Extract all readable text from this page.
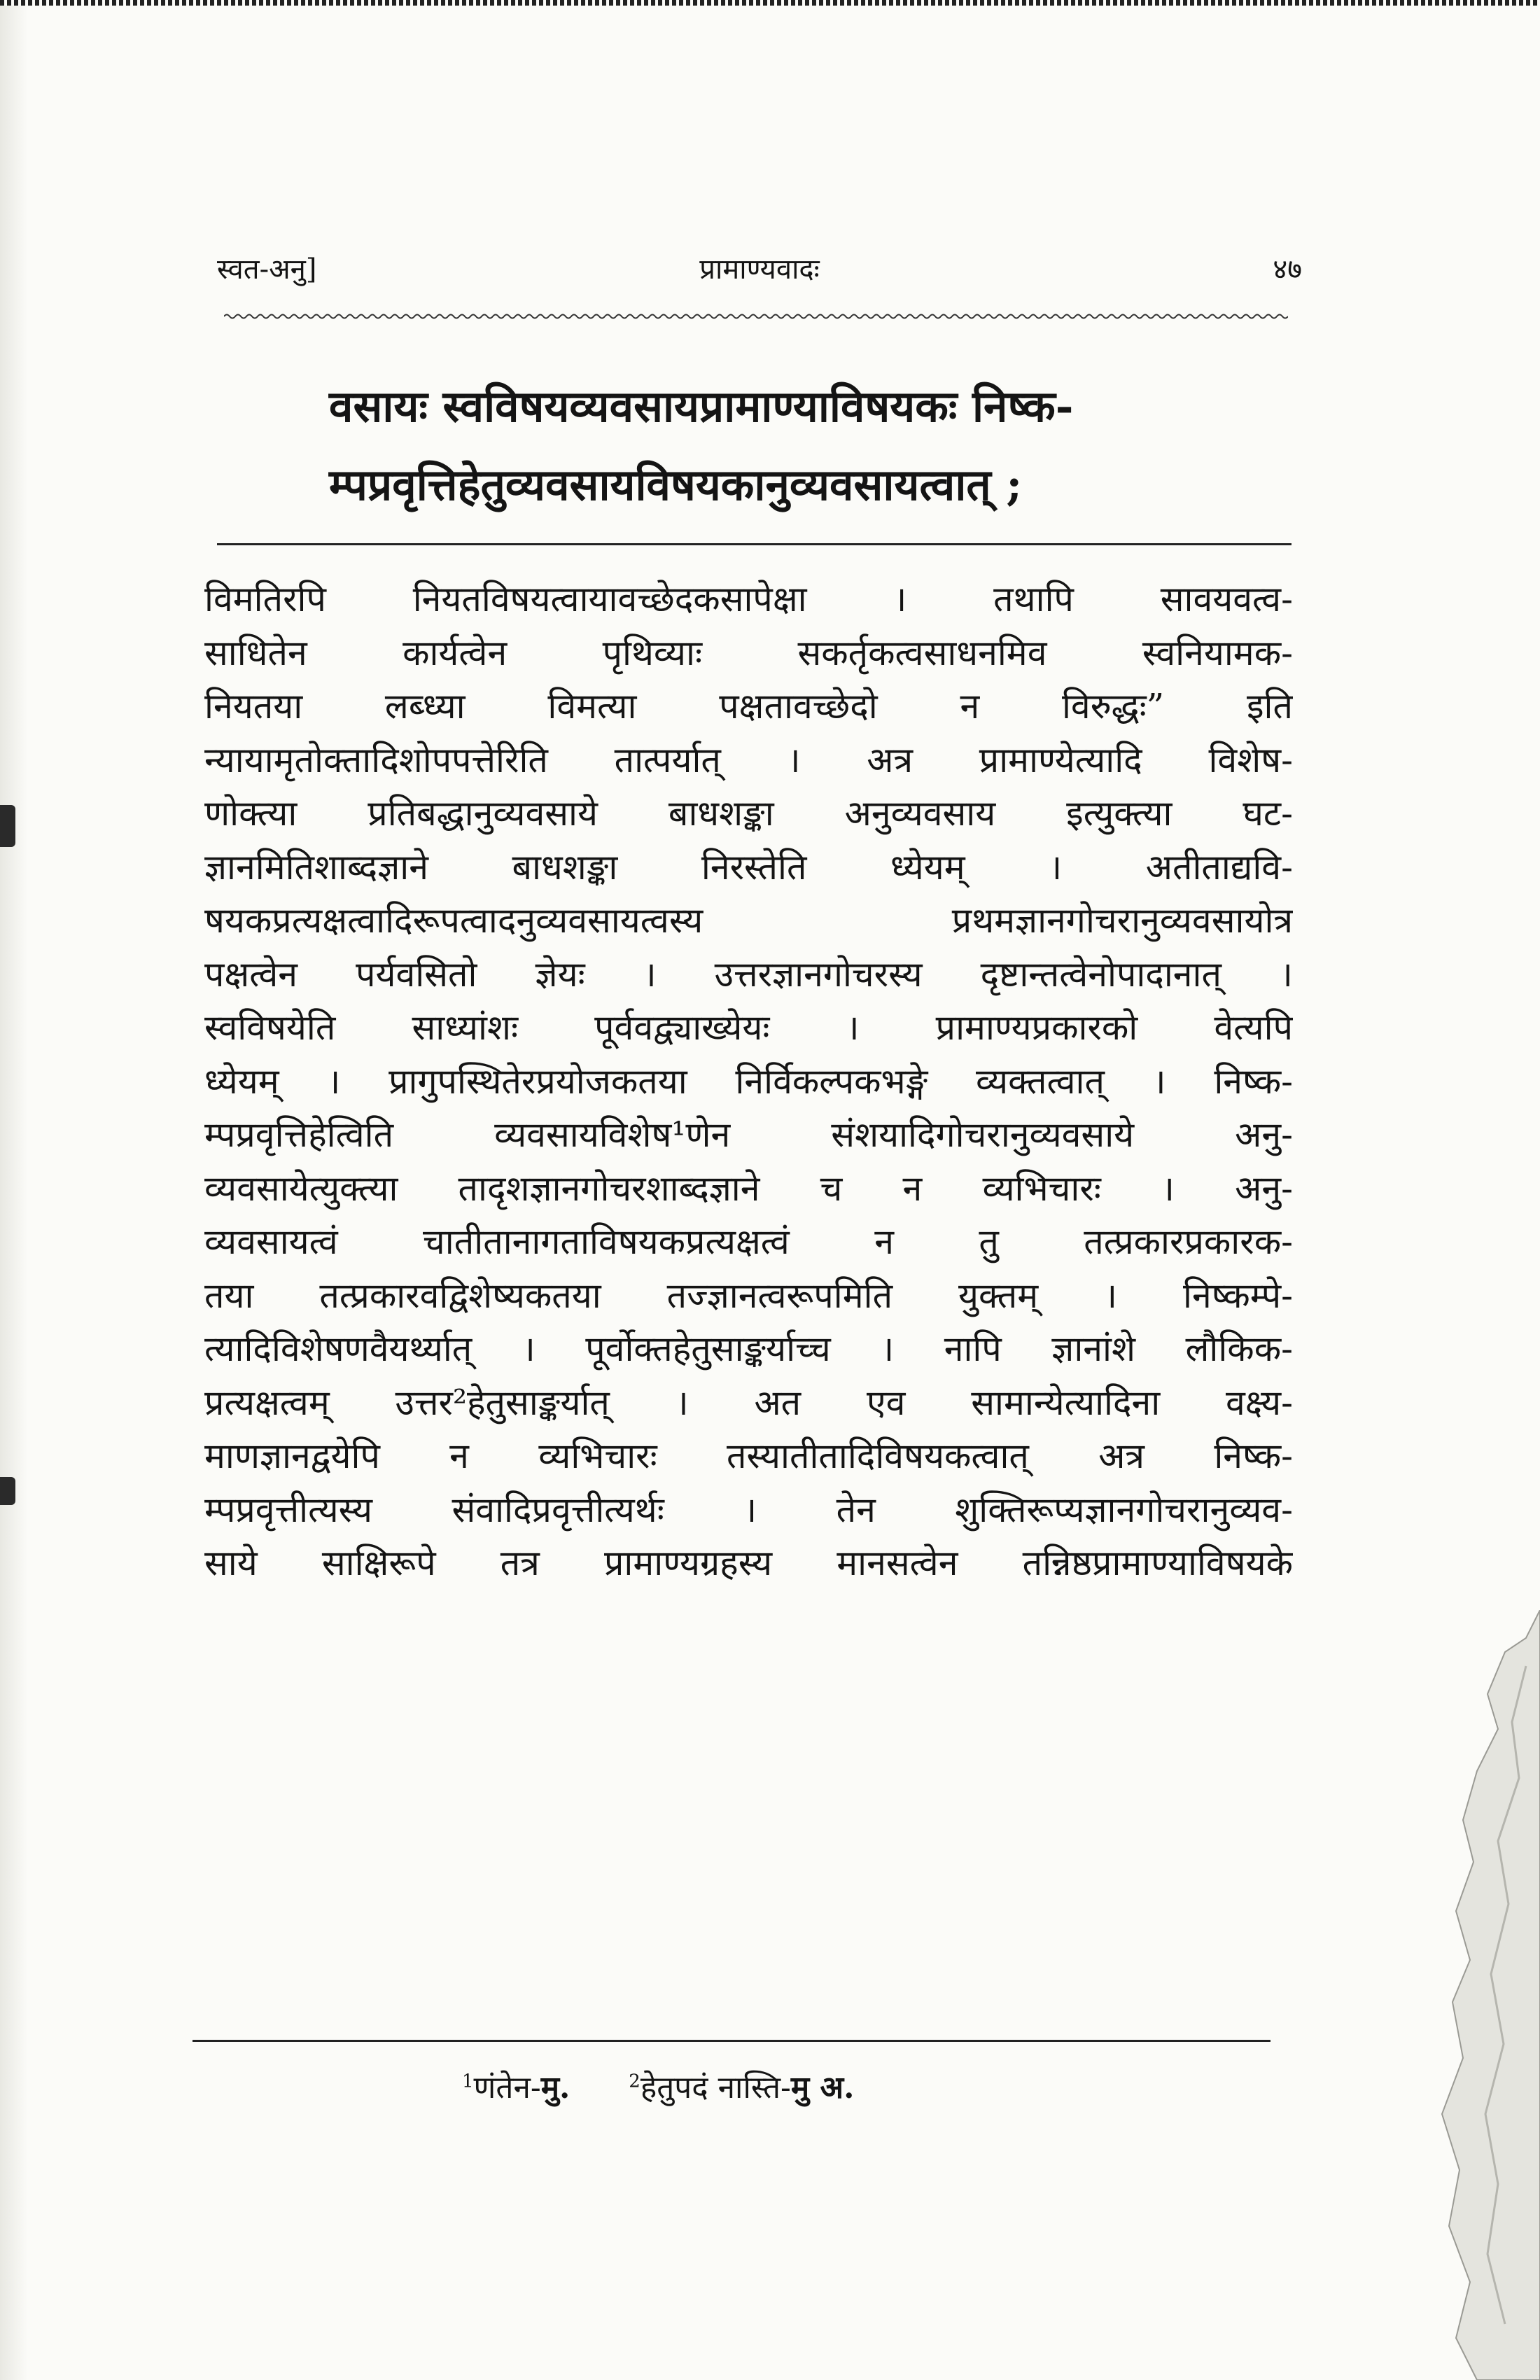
स्वत-अनु]	प्रामाण्यवादः	४७
वसायः स्वविषयव्यवसायप्रामाण्याविषयकः निष्क-
म्पप्रवृत्तिहेतुव्यवसायविषयकानुव्यवसायत्वात् ;
विमतिरपि नियतविषयत्वायावच्छेदकसापेक्षा । तथापि सावयवत्व-
साधितेन कार्यत्वेन पृथिव्याः सकर्तृकत्वसाधनमिव स्वनियामक-
नियतया लब्ध्या विमत्या पक्षतावच्छेदो न विरुद्धः” इति
न्यायामृतोक्तादिशोपपत्तेरिति तात्पर्यात् । अत्र प्रामाण्येत्यादि विशेष-
णोक्त्या प्रतिबद्धानुव्यवसाये बाधशङ्का अनुव्यवसाय इत्युक्त्या घट-
ज्ञानमितिशाब्दज्ञाने बाधशङ्का निरस्तेति ध्येयम् । अतीताद्यवि-
षयकप्रत्यक्षत्वादिरूपत्वादनुव्यवसायत्वस्य प्रथमज्ञानगोचरानुव्यवसायोत्र
पक्षत्वेन पर्यवसितो ज्ञेयः । उत्तरज्ञानगोचरस्य दृष्टान्तत्वेनोपादानात् ।
स्वविषयेति साध्यांशः पूर्ववद्व्याख्येयः । प्रामाण्यप्रकारको वेत्यपि
ध्येयम् । प्रागुपस्थितेरप्रयोजकतया निर्विकल्पकभङ्गे व्यक्तत्वात् । निष्क-
म्पप्रवृत्तिहेत्विति व्यवसायविशेष¹णेन संशयादिगोचरानुव्यवसाये अनु-
व्यवसायेत्युक्त्या तादृशज्ञानगोचरशाब्दज्ञाने च न व्यभिचारः । अनु-
व्यवसायत्वं चातीतानागताविषयकप्रत्यक्षत्वं न तु तत्प्रकारप्रकारक-
तया तत्प्रकारवद्विशेष्यकतया तज्ज्ञानत्वरूपमिति युक्तम् । निष्कम्पे-
त्यादिविशेषणवैयर्थ्यात् । पूर्वोक्तहेतुसाङ्कर्याच्च । नापि ज्ञानांशे लौकिक-
प्रत्यक्षत्वम् उत्तर²हेतुसाङ्कर्यात् । अत एव सामान्येत्यादिना वक्ष्य-
माणज्ञानद्वयेपि न व्यभिचारः तस्यातीतादिविषयकत्वात् अत्र निष्क-
म्पप्रवृत्तीत्यस्य संवादिप्रवृत्तीत्यर्थः । तेन शुक्तिरूप्यज्ञानगोचरानुव्यव-
साये साक्षिरूपे तत्र प्रामाण्यग्रहस्य मानसत्वेन तन्निष्ठप्रामाण्याविषयके
$^1$णंतेन-मु.	$^2$हेतुपदं नास्ति-मु अ.
